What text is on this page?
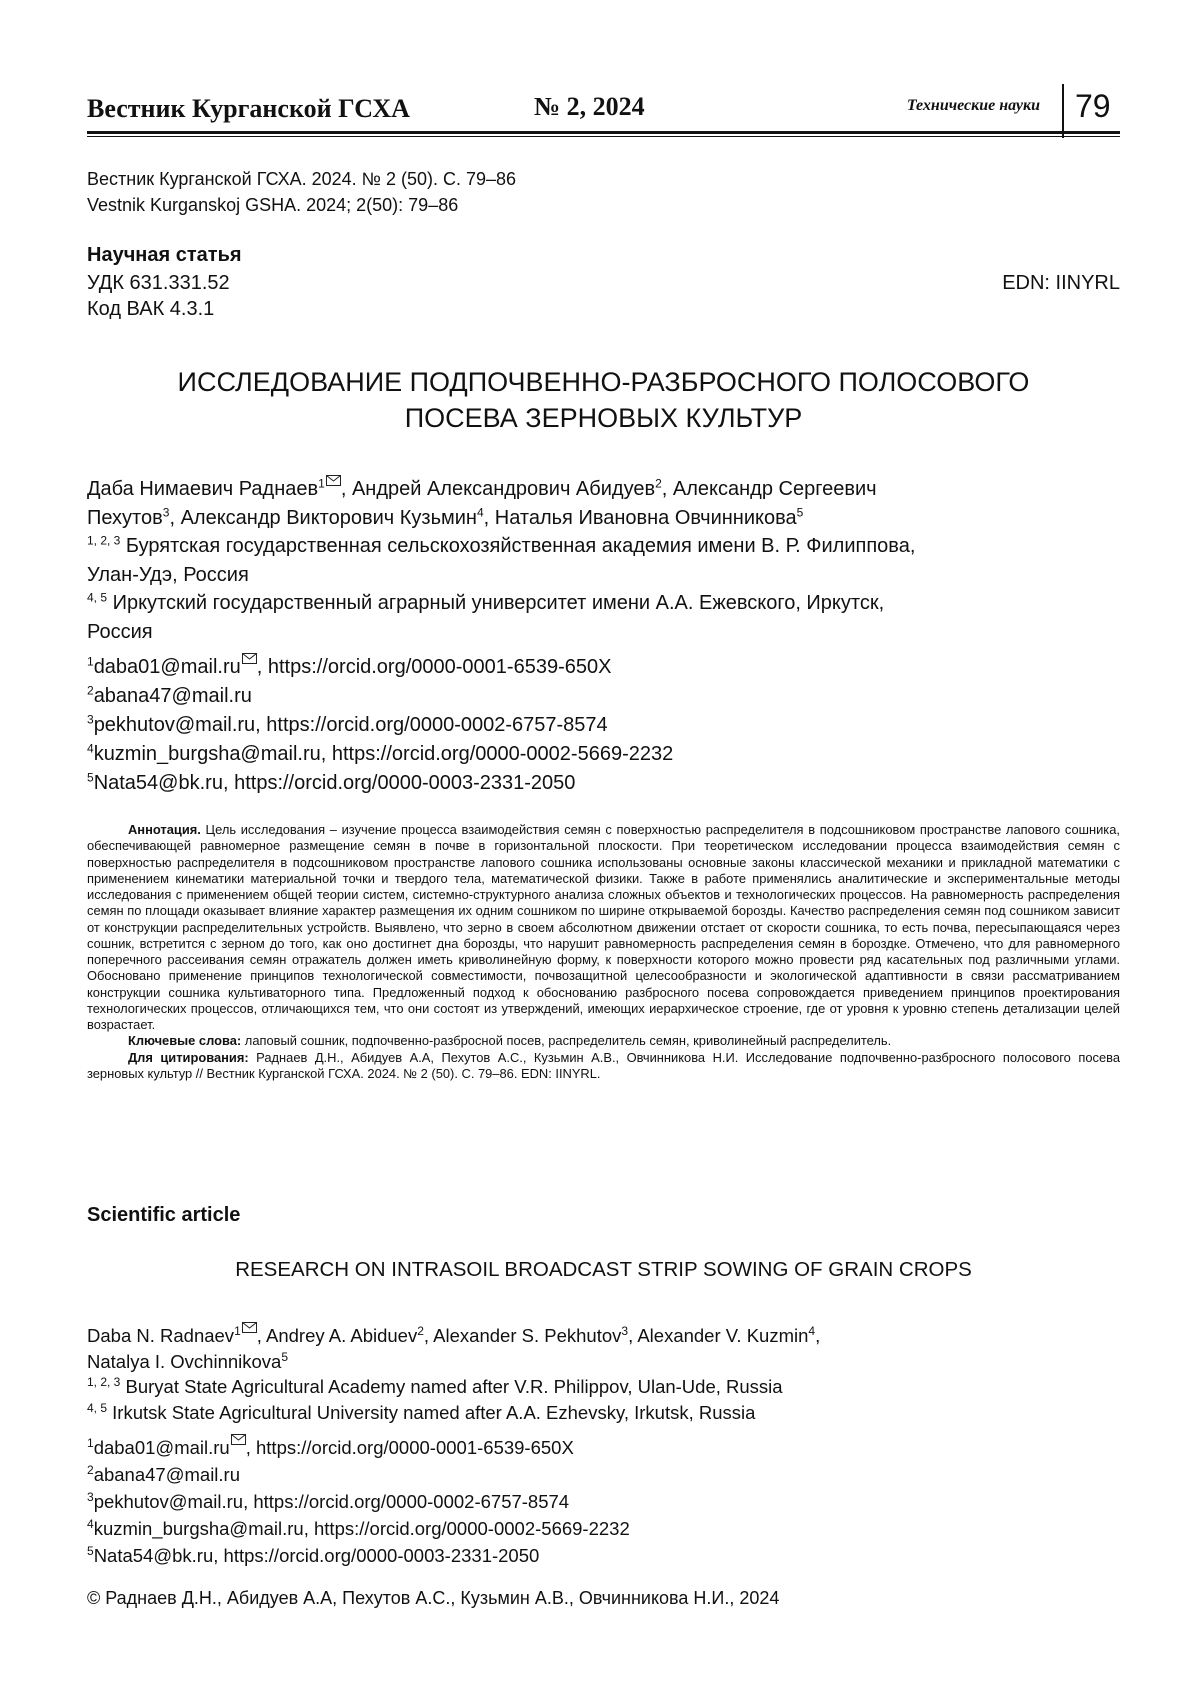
Вестник Курганской ГСХА	№ 2, 2024	Технические науки 79
Вестник Курганской ГСХА. 2024. № 2 (50). С. 79–86
Vestnik Kurganskoj GSHA. 2024; 2(50): 79–86
Научная статья
УДК 631.331.52
Код ВАК 4.3.1
EDN: IINYRL
ИССЛЕДОВАНИЕ ПОДПОЧВЕННО-РАЗБРОСНОГО ПОЛОСОВОГО
ПОСЕВА ЗЕРНОВЫХ КУЛЬТУР
Даба Нимаевич Раднаев1 , Андрей Александрович Абидуев2, Александр Сергеевич
Пехутов3, Александр Викторович Кузьмин4, Наталья Ивановна Овчинникова5
1, 2, 3 Бурятская государственная сельскохозяйственная академия имени В. Р. Филиппова,
Улан-Удэ, Россия
4, 5 Иркутский государственный аграрный университет имени А.А. Ежевского, Иркутск,
Россия
1daba01@mail.ru , https://orcid.org/0000-0001-6539-650X
2abana47@mail.ru
3pekhutov@mail.ru, https://orcid.org/0000-0002-6757-8574
4kuzmin_burgsha@mail.ru, https://orcid.org/0000-0002-5669-2232
5Nata54@bk.ru, https://orcid.org/0000-0003-2331-2050

Аннотация. Цель исследования – изучение процесса взаимодействия семян с поверхностью распределителя в подсошниковом пространстве лапового сошника, обеспечивающей равномерное размещение семян в почве в горизонтальной плоскости. При теоретическом исследовании процесса взаимодействия семян с поверхностью распределителя в подсошниковом пространстве лапового сошника использованы основные законы классической механики и прикладной математики с применением кинематики материальной точки и твердого тела, математической физики. Также в работе применялись аналитические и экспериментальные методы исследования с применением общей теории систем, системно-структурного анализа сложных объектов и технологических процессов. На равномерность распределения семян по площади оказывает влияние характер размещения их одним сошником по ширине открываемой борозды. Качество распределения семян под сошником зависит от конструкции распределительных устройств. Выявлено, что зерно в своем абсолютном движении отстает от скорости сошника, то есть почва, пересыпающаяся через сошник, встретится с зерном до того, как оно достигнет дна борозды, что нарушит равномерность распределения семян в бороздке. Отмечено, что для равномерного поперечного рассеивания семян отражатель должен иметь криволинейную форму, к поверхности которого можно провести ряд касательных под различными углами. Обосновано применение принципов технологической совместимости, почвозащитной целесообразности и экологической адаптивности в связи рассматриванием конструкции сошника культиваторного типа. Предложенный подход к обоснованию разбросного посева сопровождается приведением принципов проектирования технологических процессов, отличающихся тем, что они состоят из утверждений, имеющих иерархическое строение, где от уровня к уровню степень детализации целей возрастает.

Ключевые слова: лаповый сошник, подпочвенно-разбросной посев, распределитель семян, криволинейный распределитель.

Для цитирования: Раднаев Д.Н., Абидуев А.А, Пехутов А.С., Кузьмин А.В., Овчинникова Н.И. Исследование подпочвенно-разбросного полосового посева зерновых культур // Вестник Курганской ГСХА. 2024. № 2 (50). С. 79–86. EDN: IINYRL.

Scientific article
RESEARCH ON INTRASOIL BROADCAST STRIP SOWING OF GRAIN CROPS
Daba N. Radnaev1 , Andrey A. Abiduev2, Alexander S. Pekhutov3, Alexander V. Kuzmin4,
Natalya I. Ovchinnikova5
1, 2, 3 Buryat State Agricultural Academy named after V.R. Philippov, Ulan-Ude, Russia
4, 5 Irkutsk State Agricultural University named after A.A. Ezhevsky, Irkutsk, Russia
1daba01@mail.ru , https://orcid.org/0000-0001-6539-650X
2abana47@mail.ru
3pekhutov@mail.ru, https://orcid.org/0000-0002-6757-8574
4kuzmin_burgsha@mail.ru, https://orcid.org/0000-0002-5669-2232
5Nata54@bk.ru, https://orcid.org/0000-0003-2331-2050
© Раднаев Д.Н., Абидуев А.А, Пехутов А.С., Кузьмин А.В., Овчинникова Н.И., 2024
